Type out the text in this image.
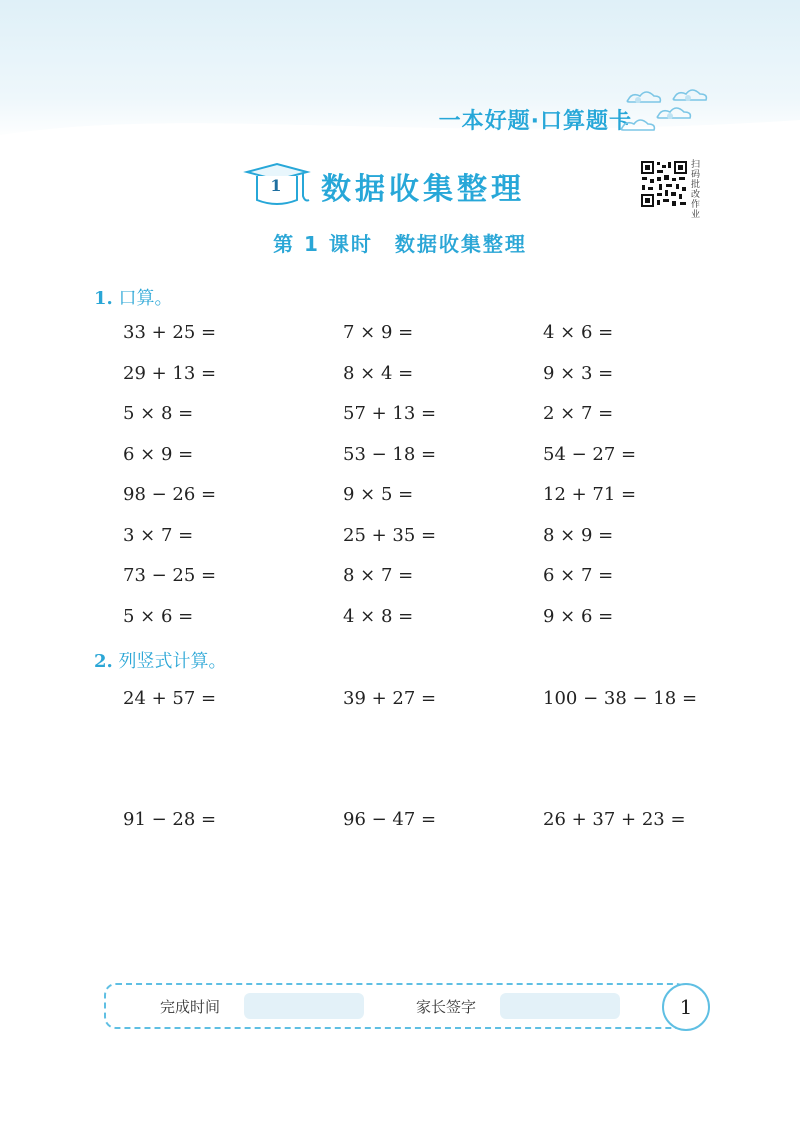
一本好题·口算题卡
1	数据收集整理
扫码批改作业
第 1 课时　数据收集整理
1. 口算。
33 + 25 =	7 × 9 =	4 × 6 =
29 + 13 =	8 × 4 =	9 × 3 =
5 × 8 =	57 + 13 =	2 × 7 =
6 × 9 =	53 − 18 =	54 − 27 =
98 − 26 =	9 × 5 =	12 + 71 =
3 × 7 =	25 + 35 =	8 × 9 =
73 − 25 =	8 × 7 =	6 × 7 =
5 × 6 =	4 × 8 =	9 × 6 =
2. 列竖式计算。
24 + 57 =	39 + 27 =	100 − 38 − 18 =
91 − 28 =	96 − 47 =	26 + 37 + 23 =
完成时间	家长签字	1
